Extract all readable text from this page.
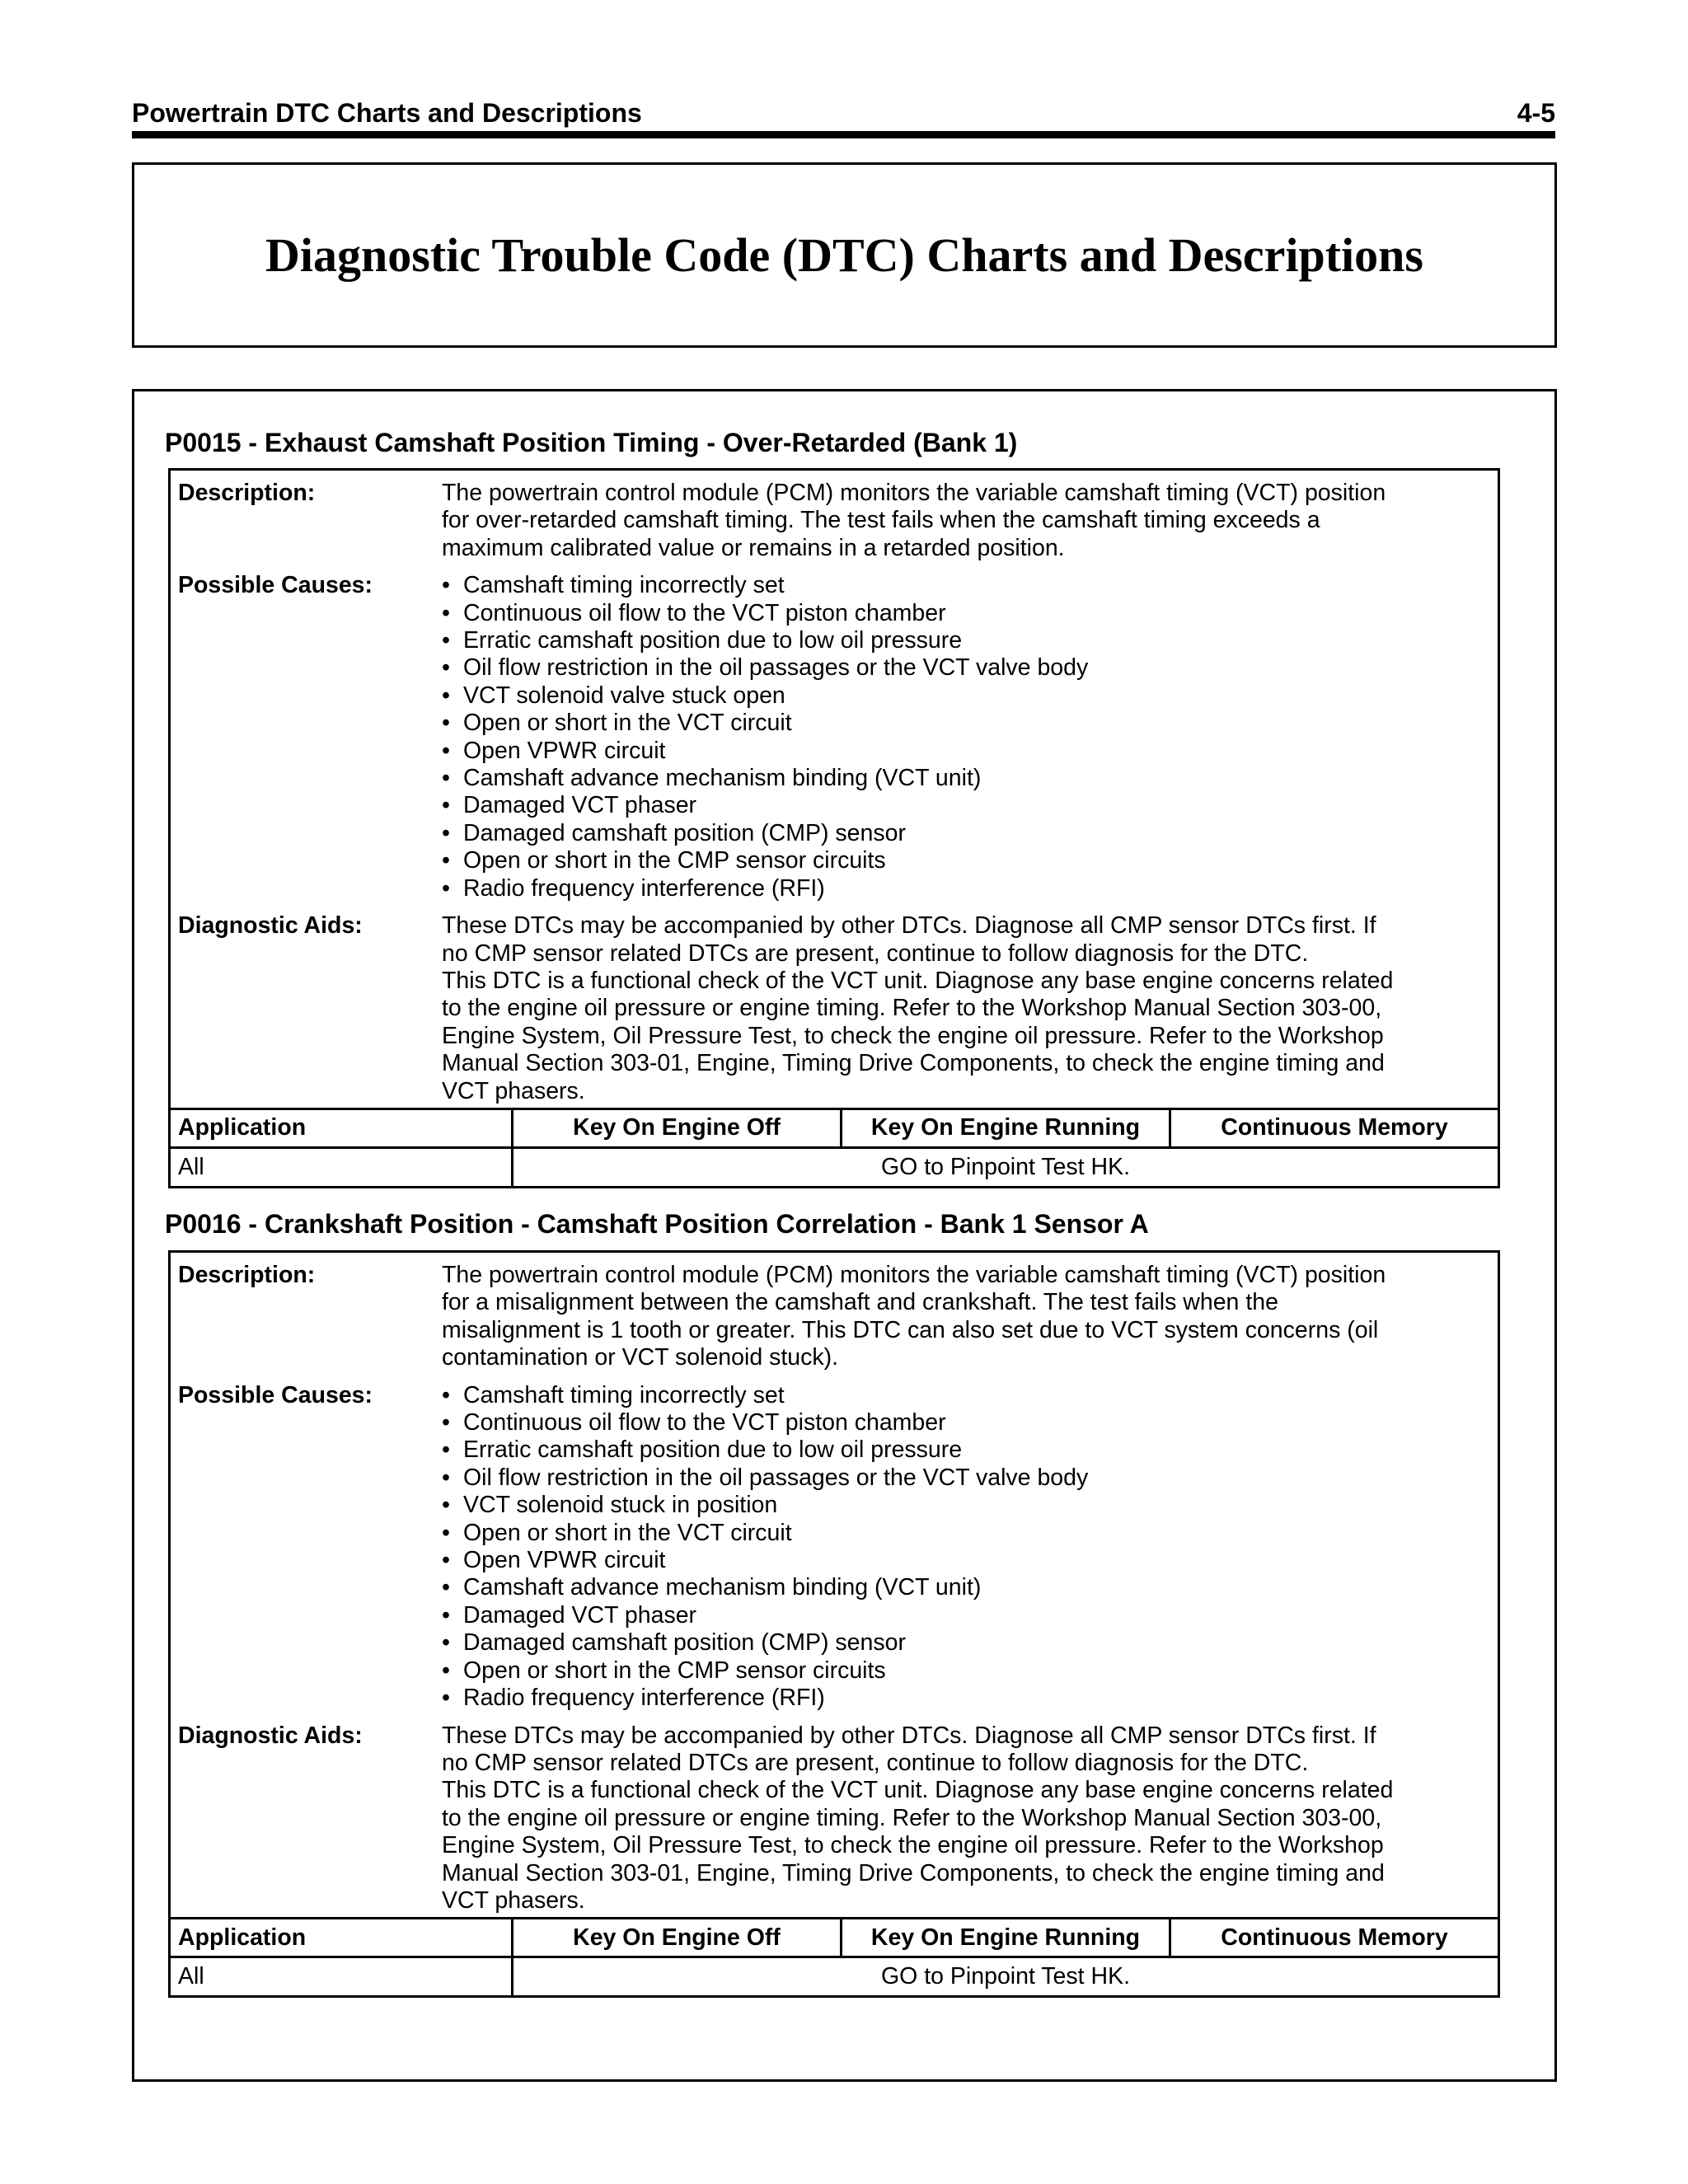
Powertrain DTC Charts and Descriptions	4-5
Diagnostic Trouble Code (DTC) Charts and Descriptions
P0015 - Exhaust Camshaft Position Timing - Over-Retarded (Bank 1)
Description:	The powertrain control module (PCM) monitors the variable camshaft timing (VCT) position
for over-retarded camshaft timing. The test fails when the camshaft timing exceeds a
maximum calibrated value or remains in a retarded position.
Possible Causes:	• Camshaft timing incorrectly set
• Continuous oil flow to the VCT piston chamber
• Erratic camshaft position due to low oil pressure
• Oil flow restriction in the oil passages or the VCT valve body
• VCT solenoid valve stuck open
• Open or short in the VCT circuit
• Open VPWR circuit
• Camshaft advance mechanism binding (VCT unit)
• Damaged VCT phaser
• Damaged camshaft position (CMP) sensor
• Open or short in the CMP sensor circuits
• Radio frequency interference (RFI)
Diagnostic Aids:	These DTCs may be accompanied by other DTCs. Diagnose all CMP sensor DTCs first. If
no CMP sensor related DTCs are present, continue to follow diagnosis for the DTC.
This DTC is a functional check of the VCT unit. Diagnose any base engine concerns related
to the engine oil pressure or engine timing. Refer to the Workshop Manual Section 303-00,
Engine System, Oil Pressure Test, to check the engine oil pressure. Refer to the Workshop
Manual Section 303-01, Engine, Timing Drive Components, to check the engine timing and
VCT phasers.
Application	Key On Engine Off	Key On Engine Running	Continuous Memory
All	GO to Pinpoint Test HK.
P0016 - Crankshaft Position - Camshaft Position Correlation - Bank 1 Sensor A
Description:	The powertrain control module (PCM) monitors the variable camshaft timing (VCT) position
for a misalignment between the camshaft and crankshaft. The test fails when the
misalignment is 1 tooth or greater. This DTC can also set due to VCT system concerns (oil
contamination or VCT solenoid stuck).
Possible Causes:	• Camshaft timing incorrectly set
• Continuous oil flow to the VCT piston chamber
• Erratic camshaft position due to low oil pressure
• Oil flow restriction in the oil passages or the VCT valve body
• VCT solenoid stuck in position
• Open or short in the VCT circuit
• Open VPWR circuit
• Camshaft advance mechanism binding (VCT unit)
• Damaged VCT phaser
• Damaged camshaft position (CMP) sensor
• Open or short in the CMP sensor circuits
• Radio frequency interference (RFI)
Diagnostic Aids:	These DTCs may be accompanied by other DTCs. Diagnose all CMP sensor DTCs first. If
no CMP sensor related DTCs are present, continue to follow diagnosis for the DTC.
This DTC is a functional check of the VCT unit. Diagnose any base engine concerns related
to the engine oil pressure or engine timing. Refer to the Workshop Manual Section 303-00,
Engine System, Oil Pressure Test, to check the engine oil pressure. Refer to the Workshop
Manual Section 303-01, Engine, Timing Drive Components, to check the engine timing and
VCT phasers.
Application	Key On Engine Off	Key On Engine Running	Continuous Memory
All	GO to Pinpoint Test HK.
